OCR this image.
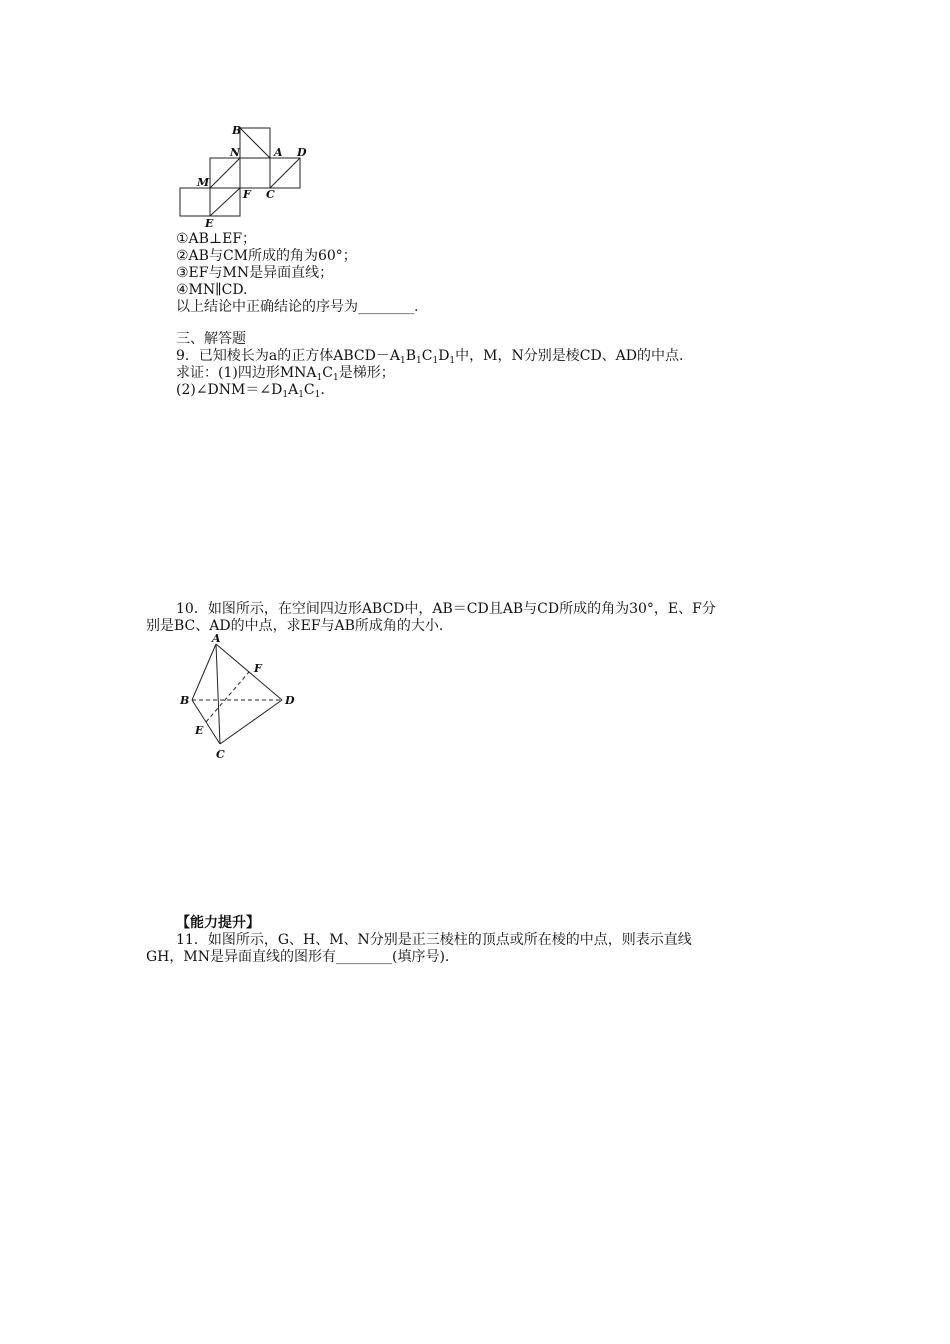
B
N	A D
M
F C
E
①AB⊥EF；
②AB与CM所成的角为60°；
③EF与MN是异面直线；
④MN∥CD.
以上结论中正确结论的序号为________.
三、解答题
9．已知棱长为a的正方体$ABCD-A_1B_1C_1D_1$中，M，N分别是棱CD、AD的中点.
求证：(1)四边形$MNA_1C_1$是梯形；
$(2)\angle DNM=\angle D_1A_1C_1$.
10．如图所示，在空间四边形ABCD中，AB＝CD且AB与CD所成的角为30°，E、F分
别是BC、AD的中点，求EF与AB所成角的大小.
A
F
B	D
E
C
【能力提升】
11．如图所示，G、H、M、N分别是正三棱柱的顶点或所在棱的中点，则表示直线
GH，MN是异面直线的图形有________(填序号).
